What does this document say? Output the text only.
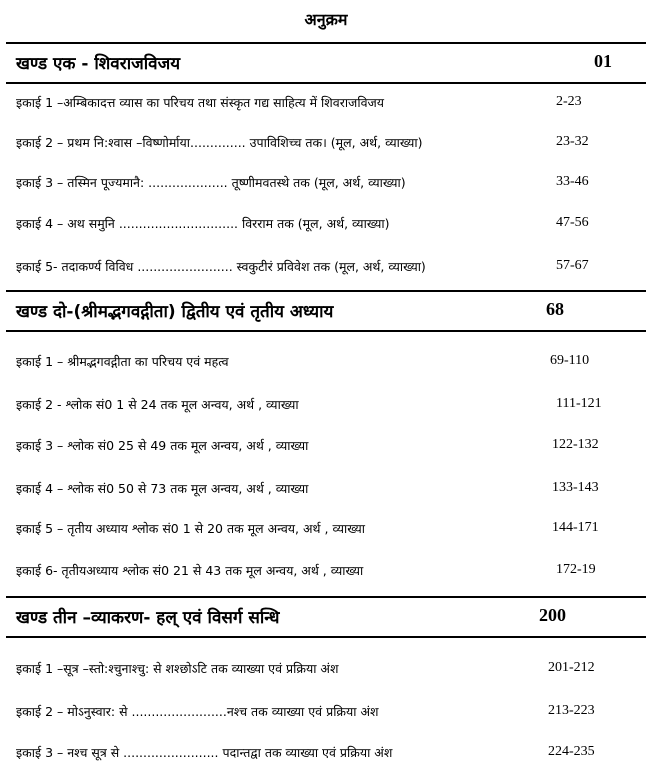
अनुक्रम
खण्ड एक - शिवराजविजय	01
इकाई 1 –अम्बिकादत्त व्यास का परिचय तथा संस्कृत गद्य साहित्य में शिवराजविजय	2-23
इकाई 2 – प्रथम नि:श्वास –विष्णोर्माया.............. उपाविशिच्च तक। (मूल, अर्थ, व्याख्या)	23-32
इकाई 3 – तस्मिन पूज्यमानै: .................... तूष्णीमवतस्थे तक (मूल, अर्थ, व्याख्या)	33-46
इकाई 4 – अथ समुनि .............................. विरराम तक (मूल, अर्थ, व्याख्या)	47-56
इकाई 5- तदाकर्ण्य विविध ........................ स्वकुटीरं प्रविवेश तक (मूल, अर्थ, व्याख्या)	57-67
खण्ड दो-(श्रीमद्भगवद्गीता) द्वितीय एवं तृतीय अध्याय	68
इकाई 1 – श्रीमद्भगवद्गीता का परिचय एवं महत्व	69-110
इकाई 2 - श्लोक सं0 1 से 24 तक मूल अन्वय, अर्थ , व्याख्या	111-121
इकाई 3 – श्लोक सं0 25 से 49 तक मूल अन्वय, अर्थ , व्याख्या	122-132
इकाई 4 – श्लोक सं0 50 से 73 तक मूल अन्वय, अर्थ , व्याख्या	133-143
इकाई 5 – तृतीय अध्याय श्लोक सं0 1 से 20 तक मूल अन्वय, अर्थ , व्याख्या	144-171
इकाई 6- तृतीयअध्याय श्लोक सं0 21 से 43 तक मूल अन्वय, अर्थ , व्याख्या	172-19
खण्ड तीन –व्याकरण- हल् एवं विसर्ग सन्धि	200
इकाई 1 –सूत्र –स्तो:श्चुनाश्चु: से शश्छोऽटि तक व्याख्या एवं प्रक्रिया अंश	201-212
इकाई 2 – मोऽनुस्वार: से ........................नश्च तक व्याख्या एवं प्रक्रिया अंश	213-223
इकाई 3 – नश्च सूत्र से ........................ पदान्तद्वा तक व्याख्या एवं प्रक्रिया अंश	224-235
